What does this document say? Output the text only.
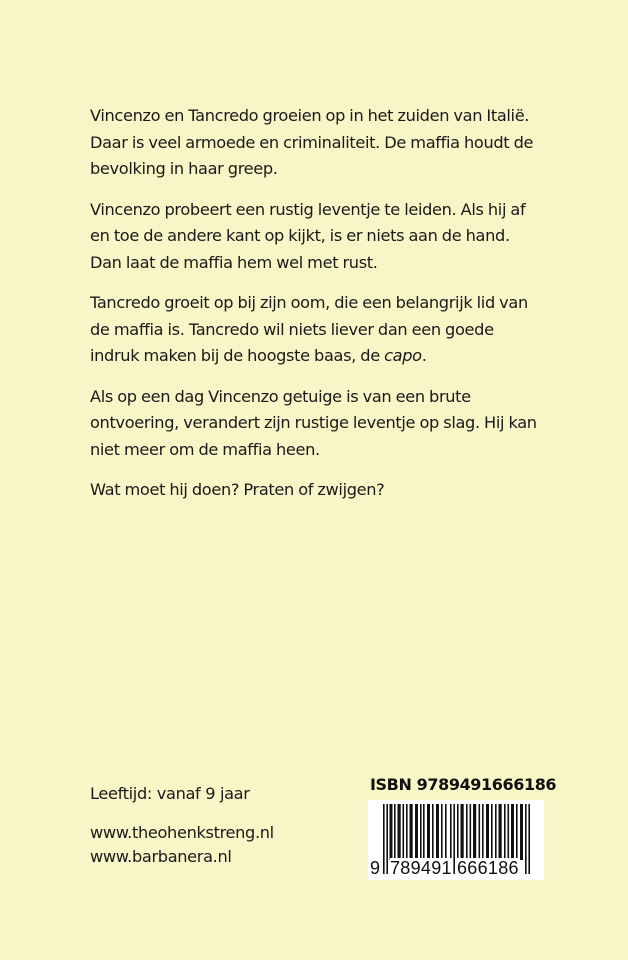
Vincenzo en Tancredo groeien op in het zuiden van Italië.
Daar is veel armoede en criminaliteit. De maffia houdt de
bevolking in haar greep.

Vincenzo probeert een rustig leventje te leiden. Als hij af
en toe de andere kant op kijkt, is er niets aan de hand.
Dan laat de maffia hem wel met rust.

Tancredo groeit op bij zijn oom, die een belangrijk lid van
de maffia is. Tancredo wil niets liever dan een goede
indruk maken bij de hoogste baas, de capo.

Als op een dag Vincenzo getuige is van een brute
ontvoering, verandert zijn rustige leventje op slag. Hij kan
niet meer om de maffia heen.

Wat moet hij doen? Praten of zwijgen?

Leeftijd: vanaf 9 jaar
www.theohenkstreng.nl
www.barbanera.nl
ISBN 9789491666186
9 789491 666186
